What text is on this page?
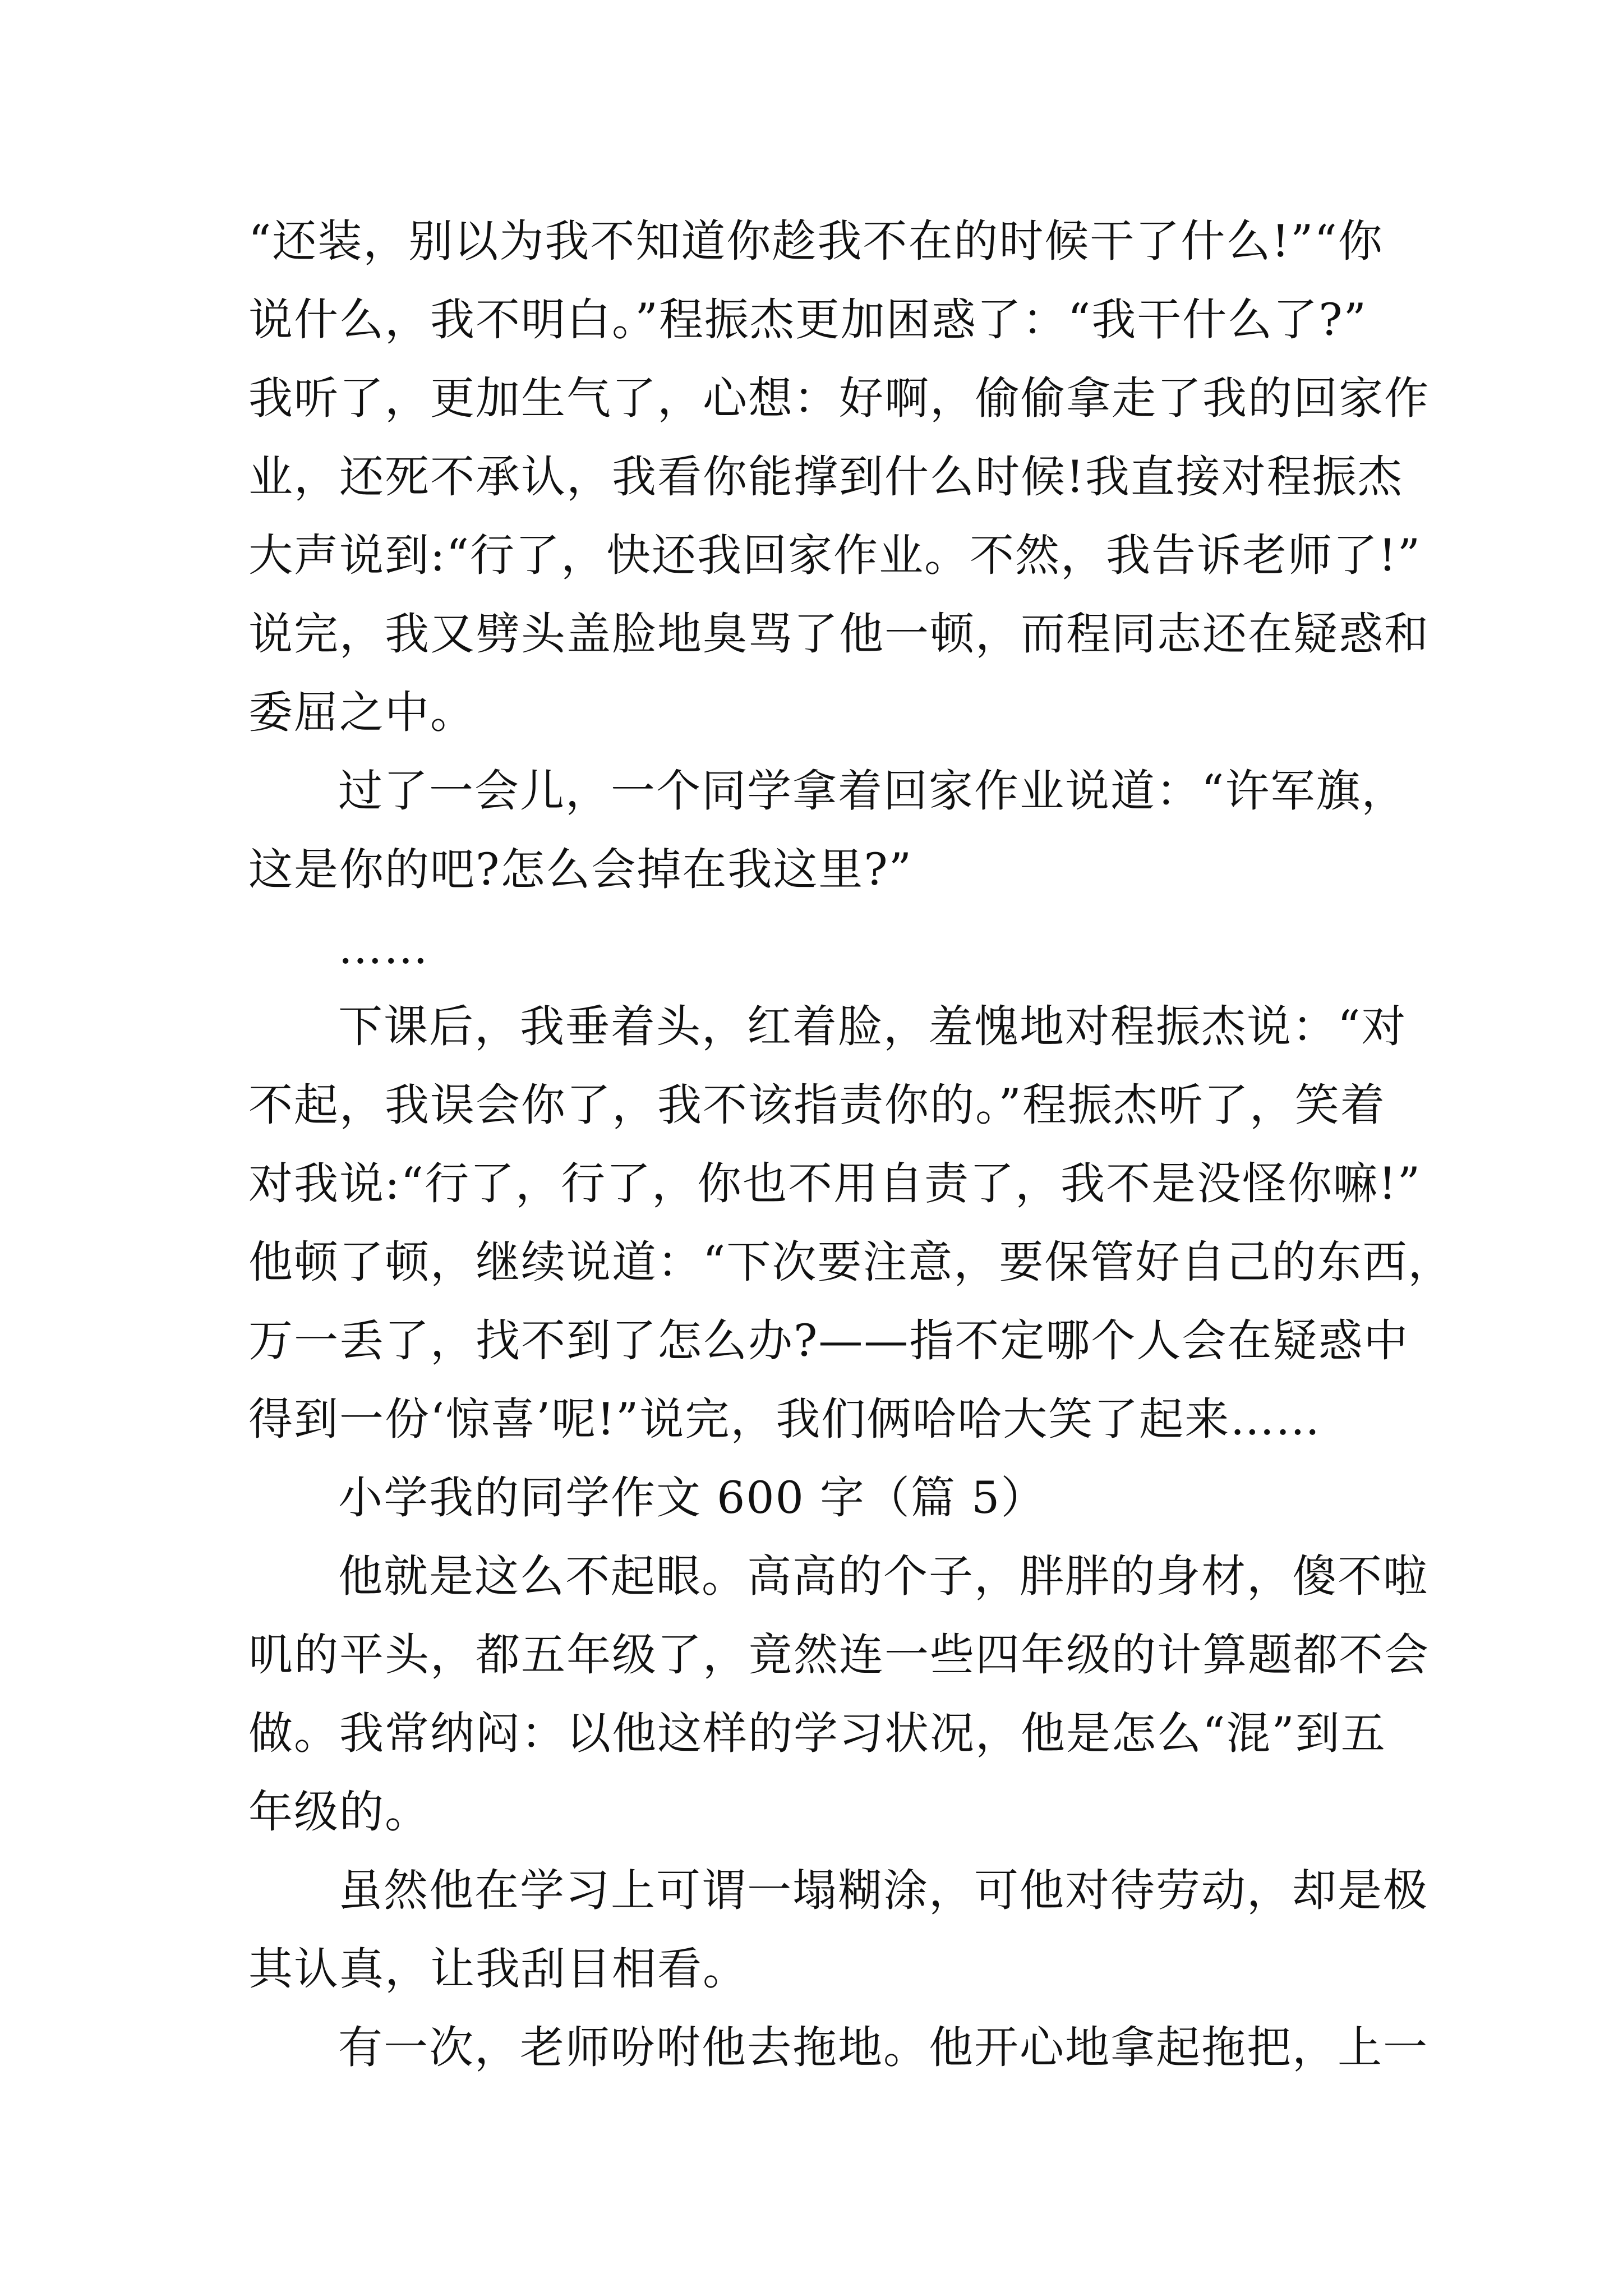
“还装，别以为我不知道你趁我不在的时候干了什么!”“你
说什么，我不明白。”程振杰更加困惑了：“我干什么了?”
我听了，更加生气了，心想：好啊，偷偷拿走了我的回家作
业，还死不承认，我看你能撑到什么时候!我直接对程振杰
大声说到:“行了，快还我回家作业。不然，我告诉老师了!”
说完，我又劈头盖脸地臭骂了他一顿，而程同志还在疑惑和
委屈之中。
过了一会儿，一个同学拿着回家作业说道：“许军旗，
这是你的吧?怎么会掉在我这里?”
……
下课后，我垂着头，红着脸，羞愧地对程振杰说：“对
不起，我误会你了，我不该指责你的。”程振杰听了，笑着
对我说:“行了，行了，你也不用自责了，我不是没怪你嘛!”
他顿了顿，继续说道：“下次要注意，要保管好自己的东西，
万一丢了，找不到了怎么办?——指不定哪个人会在疑惑中
得到一份‘惊喜’呢!”说完，我们俩哈哈大笑了起来……
小学我的同学作文 600 字（篇 5）
他就是这么不起眼。高高的个子，胖胖的身材，傻不啦
叽的平头，都五年级了，竟然连一些四年级的计算题都不会
做。我常纳闷：以他这样的学习状况，他是怎么“混”到五
年级的。
虽然他在学习上可谓一塌糊涂，可他对待劳动，却是极
其认真，让我刮目相看。
有一次，老师吩咐他去拖地。他开心地拿起拖把，上一
